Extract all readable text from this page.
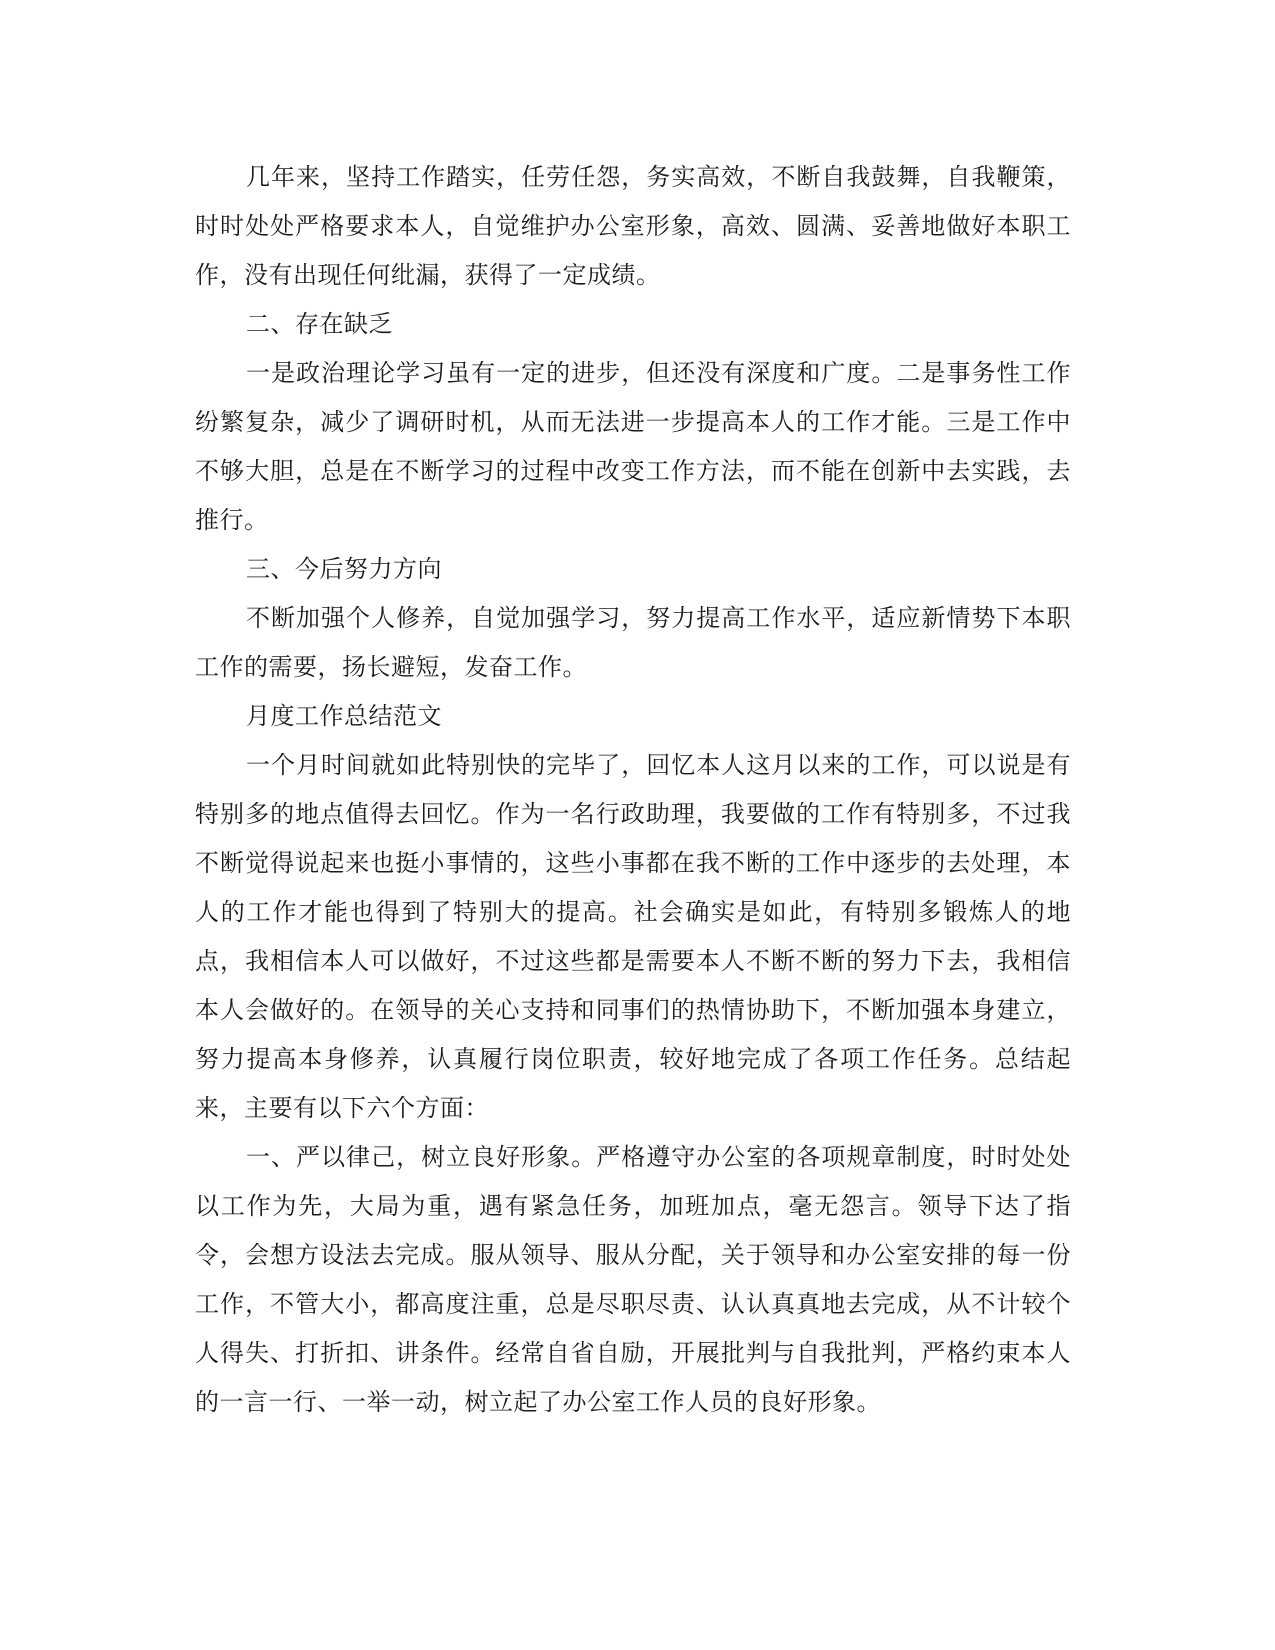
几年来，坚持工作踏实，任劳任怨，务实高效，不断自我鼓舞，自我鞭策，时时处处严格要求本人，自觉维护办公室形象，高效、圆满、妥善地做好本职工作，没有出现任何纰漏，获得了一定成绩。

二、存在缺乏

一是政治理论学习虽有一定的进步，但还没有深度和广度。二是事务性工作纷繁复杂，减少了调研时机，从而无法进一步提高本人的工作才能。三是工作中不够大胆，总是在不断学习的过程中改变工作方法，而不能在创新中去实践，去推行。

三、今后努力方向

不断加强个人修养，自觉加强学习，努力提高工作水平，适应新情势下本职工作的需要，扬长避短，发奋工作。

月度工作总结范文

一个月时间就如此特别快的完毕了，回忆本人这月以来的工作，可以说是有特别多的地点值得去回忆。作为一名行政助理，我要做的工作有特别多，不过我不断觉得说起来也挺小事情的，这些小事都在我不断的工作中逐步的去处理，本人的工作才能也得到了特别大的提高。社会确实是如此，有特别多锻炼人的地点，我相信本人可以做好，不过这些都是需要本人不断不断的努力下去，我相信本人会做好的。在领导的关心支持和同事们的热情协助下，不断加强本身建立，努力提高本身修养，认真履行岗位职责，较好地完成了各项工作任务。总结起来，主要有以下六个方面：

一、严以律己，树立良好形象。严格遵守办公室的各项规章制度，时时处处以工作为先，大局为重，遇有紧急任务，加班加点，毫无怨言。领导下达了指令，会想方设法去完成。服从领导、服从分配，关于领导和办公室安排的每一份工作，不管大小，都高度注重，总是尽职尽责、认认真真地去完成，从不计较个人得失、打折扣、讲条件。经常自省自励，开展批判与自我批判，严格约束本人的一言一行、一举一动，树立起了办公室工作人员的良好形象。
